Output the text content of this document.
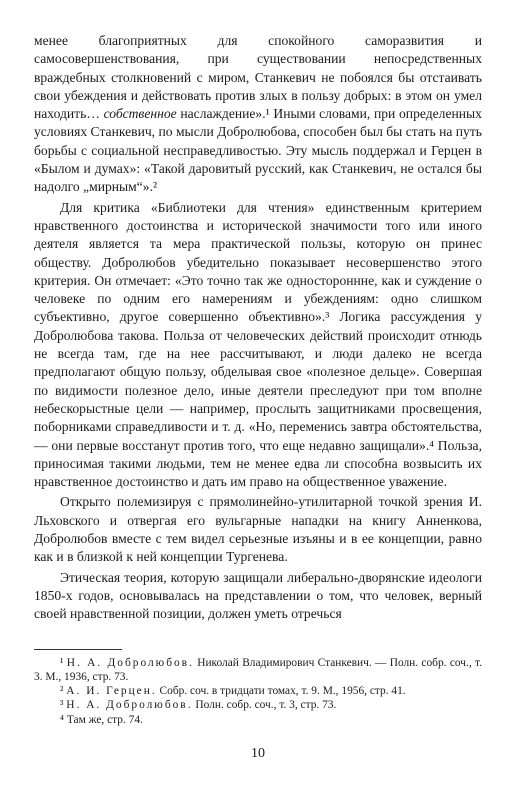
менее благоприятных для спокойного саморазвития и самосовершенствования, при существовании непосредственных враждебных столкновений с миром, Станкевич не побоялся бы отстаивать свои убеждения и действовать против злых в пользу добрых: в этом он умел находить… собственное наслаждение».¹ Иными словами, при определенных условиях Станкевич, по мысли Добролюбова, способен был бы стать на путь борьбы с социальной несправедливостью. Эту мысль поддержал и Герцен в «Былом и думах»: «Такой даровитый русский, как Станкевич, не остался бы надолго „мирным“».²

Для критика «Библиотеки для чтения» единственным критерием нравственного достоинства и исторической значимости того или иного деятеля является та мера практической пользы, которую он принес обществу. Добролюбов убедительно показывает несовершенство этого критерия. Он отмечает: «Это точно так же одностороннне, как и суждение о человеке по одним его намерениям и убеждениям: одно слишком субъективно, другое совершенно объективно».³ Логика рассуждения у Добролюбова такова. Польза от человеческих действий происходит отнюдь не всегда там, где на нее рассчитывают, и люди далеко не всегда предполагают общую пользу, обделывая свое «полезное дельце». Совершая по видимости полезное дело, иные деятели преследуют при том вполне небескорыстные цели — например, прослыть защитниками просвещения, поборниками справедливости и т. д. «Но, переменись завтра обстоятельства, — они первые восстанут против того, что еще недавно защищали».⁴ Польза, приносимая такими людьми, тем не менее едва ли способна возвысить их нравственное достоинство и дать им право на общественное уважение.

Открыто полемизируя с прямолинейно-утилитарной точкой зрения И. Льховского и отвергая его вульгарные нападки на книгу Анненкова, Добролюбов вместе с тем видел серьезные изъяны и в ее концепции, равно как и в близкой к ней концепции Тургенева.

Этическая теория, которую защищали либерально-дворянские идеологи 1850-х годов, основывалась на представлении о том, что человек, верный своей нравственной позиции, должен уметь отречься

¹ Н. А. Добролюбов. Николай Владимирович Станкевич. — Полн. собр. соч., т. 3. М., 1936, стр. 73.

² А. И. Герцен. Собр. соч. в тридцати томах, т. 9. М., 1956, стр. 41.

³ Н. А. Добролюбов. Полн. собр. соч., т. 3, стр. 73.

⁴ Там же, стр. 74.

10
